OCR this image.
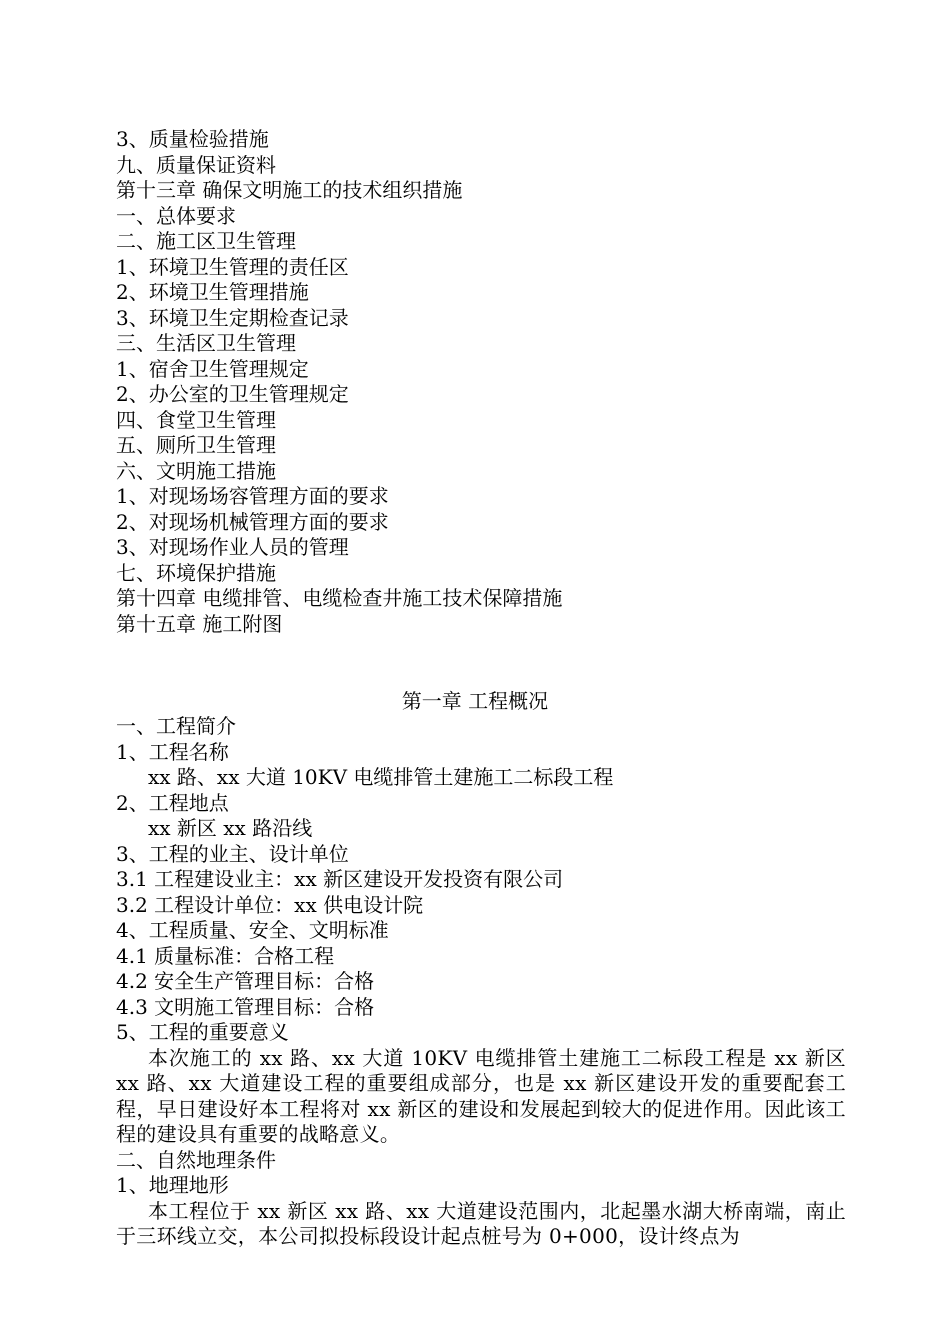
3、质量检验措施
九、质量保证资料
第十三章 确保文明施工的技术组织措施
一、总体要求
二、施工区卫生管理
1、环境卫生管理的责任区
2、环境卫生管理措施
3、环境卫生定期检查记录
三、生活区卫生管理
1、宿舍卫生管理规定
2、办公室的卫生管理规定
四、食堂卫生管理
五、厕所卫生管理
六、文明施工措施
1、对现场场容管理方面的要求
2、对现场机械管理方面的要求
3、对现场作业人员的管理
七、环境保护措施
第十四章 电缆排管、电缆检查井施工技术保障措施
第十五章 施工附图
第一章 工程概况
一、工程简介
1、工程名称
xx 路、xx 大道 10KV 电缆排管土建施工二标段工程
2、工程地点
xx 新区 xx 路沿线
3、工程的业主、设计单位
3.1 工程建设业主：xx 新区建设开发投资有限公司
3.2 工程设计单位：xx 供电设计院
4、工程质量、安全、文明标准
4.1 质量标准：合格工程
4.2 安全生产管理目标：合格
4.3 文明施工管理目标：合格
5、工程的重要意义

本次施工的 xx 路、xx 大道 10KV 电缆排管土建施工二标段工程是 xx 新区 xx 路、xx 大道建设工程的重要组成部分，也是 xx 新区建设开发的重要配套工程，早日建设好本工程将对 xx 新区的建设和发展起到较大的促进作用。因此该工程的建设具有重要的战略意义。

二、自然地理条件
1、地理地形

本工程位于 xx 新区 xx 路、xx 大道建设范围内，北起墨水湖大桥南端，南止于三环线立交，本公司拟投标段设计起点桩号为 0+000，设计终点为
